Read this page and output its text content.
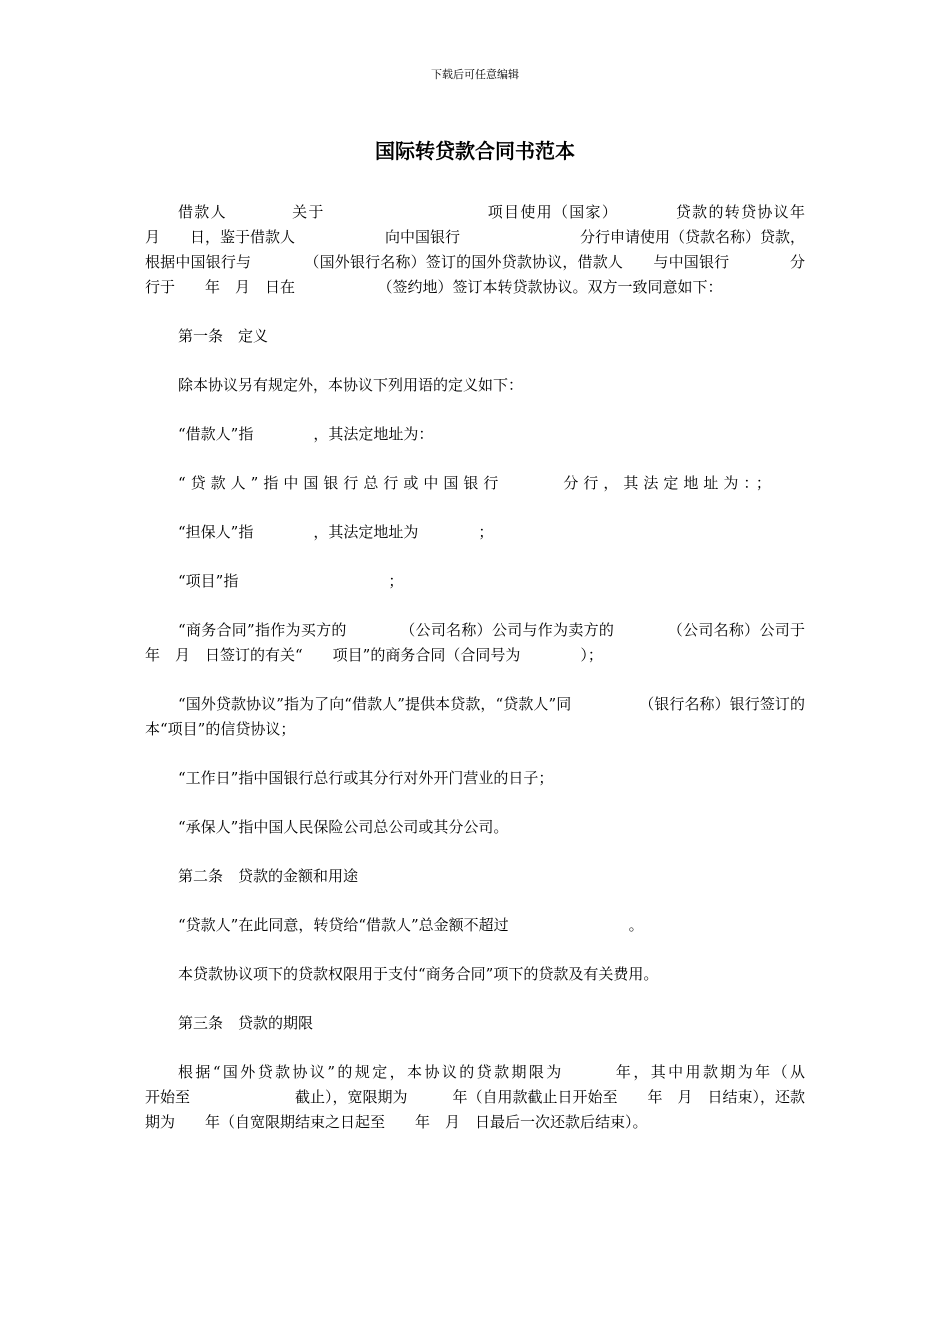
下载后可任意编辑
国际转贷款合同书范本

借款人　　　　关于　　　　　　　　　　项目使用（国家）　　　　贷款的转贷协议年　　　　月　　日，鉴于借款人　　　　　　向中国银行　　　　　　　　分行申请使用（贷款名称）贷款，根据中国银行与　　　　（国外银行名称）签订的国外贷款协议，借款人　　与中国银行　　　　分行于　　年　月　日在　　　　　　（签约地）签订本转贷款协议。双方一致同意如下：

第一条　定义

除本协议另有规定外，本协议下列用语的定义如下：

“借款人”指　　　　，其法定地址为：

“贷款人”指中国银行总行或中国银行　　　分行，其法定地址为：；

“担保人”指　　　　，其法定地址为　　　　；

“项目”指　　　　　　　　　　；

“商务合同”指作为买方的　　　　（公司名称）公司与作为卖方的　　　　（公司名称）公司于　　年　月　日签订的有关“　　项目”的商务合同（合同号为　　　　）；

“国外贷款协议”指为了向“借款人”提供本贷款，“贷款人”同　　　　　（银行名称）银行签订的本“项目”的信贷协议；

“工作日”指中国银行总行或其分行对外开门营业的日子；

“承保人”指中国人民保险公司总公司或其分公司。

第二条　贷款的金额和用途

“贷款人”在此同意，转贷给“借款人”总金额不超过　　　　　　　　。

本贷款协议项下的贷款权限用于支付“商务合同”项下的贷款及有关费用。

第三条　贷款的期限

根据“国外贷款协议”的规定，本协议的贷款期限为　　　年，其中用款期为年（从　　　　　　　开始至　　　　　　　截止），宽限期为　　　年（自用款截止日开始至　　年　月　日结束），还款期为　　年（自宽限期结束之日起至　　年　月　日最后一次还款后结束）。
